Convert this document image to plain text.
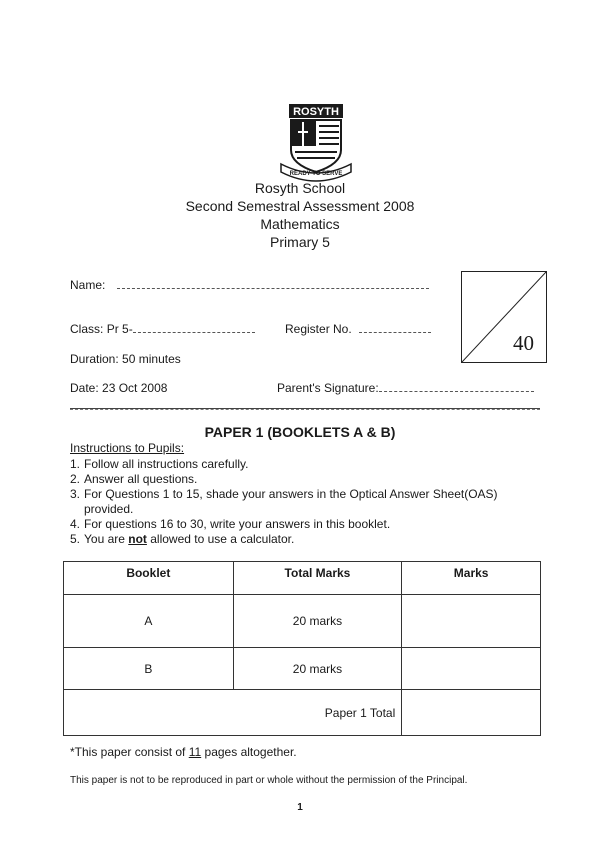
ROSYTH
READY TO SERVE
Rosyth School
Second Semestral Assessment 2008
Mathematics
Primary 5
Name:
Class: Pr 5-	Register No.
Duration: 50 minutes
Date: 23 Oct 2008	Parent's Signature:
40
PAPER 1 (BOOKLETS A & B)
Instructions to Pupils:
1. Follow all instructions carefully.
2. Answer all questions.
3. For Questions 1 to 15, shade your answers in the Optical Answer Sheet(OAS) provided.
4. For questions 16 to 30, write your answers in this booklet.
5. You are not allowed to use a calculator.
Booklet	Total Marks	Marks
A	20 marks	
B	20 marks	
Paper 1 Total		
*This paper consist of 11 pages altogether.
This paper is not to be reproduced in part or whole without the permission of the Principal.
1
